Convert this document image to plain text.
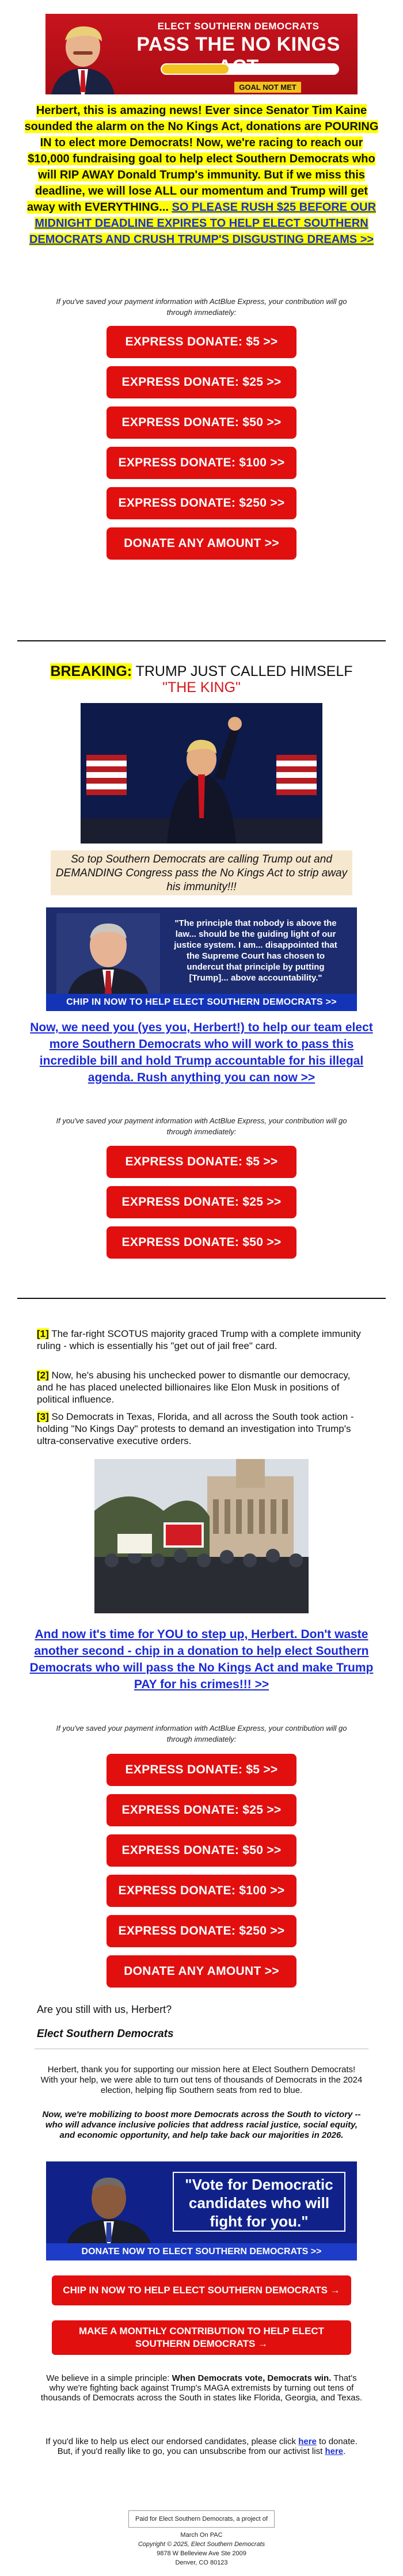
ELECT SOUTHERN DEMOCRATS
PASS THE NO KINGS
GOAL NOT MET
Herbert, this is amazing news! Ever since Senator Tim Kaine sounded the alarm on the No Kings Act, donations are POURING IN to elect more Democrats! Now, we're racing to reach our $10,000 fundraising goal to help elect Southern Democrats who will RIP AWAY Donald Trump's immunity. But if we miss this deadline, we will lose ALL our momentum and Trump will get away with EVERYTHING... SO PLEASE RUSH $25 BEFORE OUR MIDNIGHT DEADLINE EXPIRES TO HELP ELECT SOUTHERN DEMOCRATS AND CRUSH TRUMP'S DISGUSTING DREAMS >>
If you've saved your payment information with ActBlue Express, your contribution will go through immediately:
EXPRESS DONATE: $5 >>
EXPRESS DONATE: $25 >>
EXPRESS DONATE: $50 >>
EXPRESS DONATE: $100 >>
EXPRESS DONATE: $250 >>
DONATE ANY AMOUNT >>
BREAKING: TRUMP JUST CALLED HIMSELF
"THE KING"
So top Southern Democrats are calling Trump out and DEMANDING Congress pass the No Kings Act to strip away his immunity!!!
"The principle that nobody is above the law... should be the guiding light of our justice system. I am... disappointed that the Supreme Court has chosen to undercut that principle by putting [Trump]... above accountability."
CHIP IN NOW TO HELP ELECT SOUTHERN DEMOCRATS >>
Now, we need you (yes you, Herbert!) to help our team elect more Southern Democrats who will work to pass this incredible bill and hold Trump accountable for his illegal agenda. Rush anything you can now >>
If you've saved your payment information with ActBlue Express, your contribution will go through immediately:
EXPRESS DONATE: $5 >>
EXPRESS DONATE: $25 >>
EXPRESS DONATE: $50 >>
[1] The far-right SCOTUS majority graced Trump with a complete immunity ruling - which is essentially his "get out of jail free" card.
[2] Now, he's abusing his unchecked power to dismantle our democracy, and he has placed unelected billionaires like Elon Musk in positions of political influence.
[3] So Democrats in Texas, Florida, and all across the South took action - holding "No Kings Day" protests to demand an investigation into Trump's ultra-conservative executive orders.
And now it's time for YOU to step up, Herbert. Don't waste another second - chip in a donation to help elect Southern Democrats who will pass the No Kings Act and make Trump PAY for his crimes!!! >>
If you've saved your payment information with ActBlue Express, your contribution will go through immediately:
EXPRESS DONATE: $5 >>
EXPRESS DONATE: $25 >>
EXPRESS DONATE: $50 >>
EXPRESS DONATE: $100 >>
EXPRESS DONATE: $250 >>
DONATE ANY AMOUNT >>
Are you still with us, Herbert?
Elect Southern Democrats
Herbert, thank you for supporting our mission here at Elect Southern Democrats! With your help, we were able to turn out tens of thousands of Democrats in the 2024 election, helping flip Southern seats from red to blue.
Now, we're mobilizing to boost more Democrats across the South to victory -- who will advance inclusive policies that address racial justice, social equity, and economic opportunity, and help take back our majorities in 2026.
"Vote for Democratic candidates who will fight for you."
DONATE NOW TO ELECT SOUTHERN DEMOCRATS >>
CHIP IN NOW TO HELP ELECT SOUTHERN DEMOCRATS →
MAKE A MONTHLY CONTRIBUTION TO HELP ELECT SOUTHERN DEMOCRATS →
We believe in a simple principle: When Democrats vote, Democrats win. That's why we're fighting back against Trump's MAGA extremists by turning out tens of thousands of Democrats across the South in states like Florida, Georgia, and Texas.
If you'd like to help us elect our endorsed candidates, please click here to donate. But, if you'd really like to go, you can unsubscribe from our activist list here.
Paid for Elect Southern Democrats, a project of March On PAC
Copyright © 2025, Elect Southern Democrats
9878 W Belleview Ave Ste 2009
Denver, CO 80123
